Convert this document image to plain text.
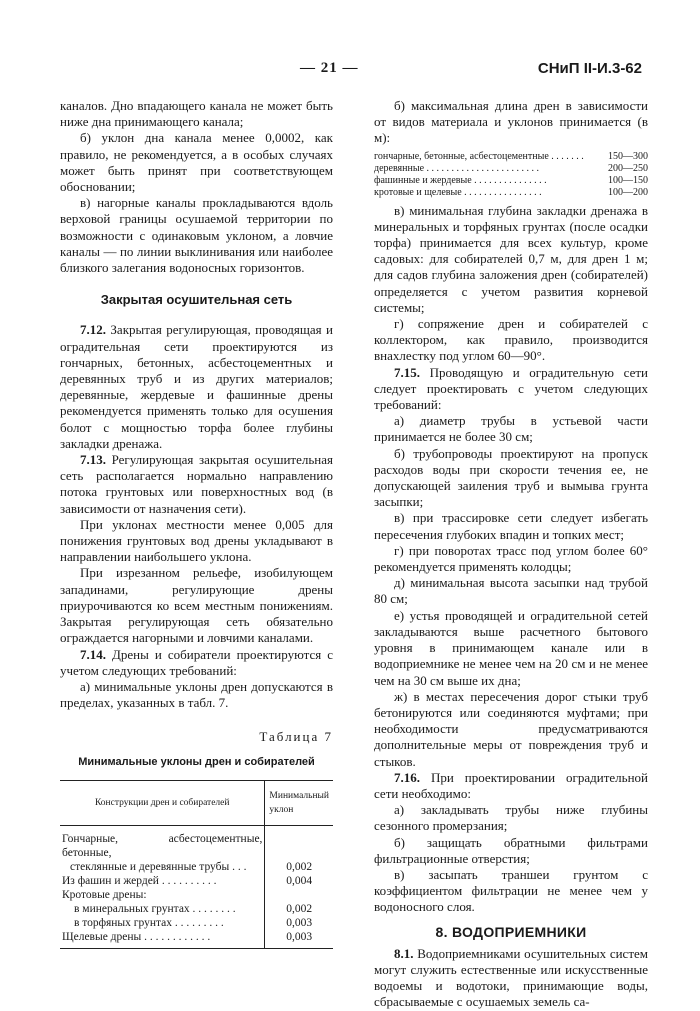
— 21 —	СНиП II-И.3-62

каналов. Дно впадающего канала не может быть ниже дна принимающего канала;

б) уклон дна канала менее 0,0002, как правило, не рекомендуется, а в особых случаях может быть принят при соответствующем обосновании;

в) нагорные каналы прокладываются вдоль верховой границы осушаемой территории по возможности с одинаковым уклоном, а ловчие каналы — по линии выклинивания или наиболее близкого залегания водоносных горизонтов.

Закрытая осушительная сеть

7.12. Закрытая регулирующая, проводящая и оградительная сети проектируются из гончарных, бетонных, асбестоцементных и деревянных труб и из других материалов; деревянные, жердевые и фашинные дрены рекомендуется применять только для осушения болот с мощностью торфа более глубины закладки дренажа.

7.13. Регулирующая закрытая осушительная сеть располагается нормально направлению потока грунтовых или поверхностных вод (в зависимости от назначения сети).

При уклонах местности менее 0,005 для понижения грунтовых вод дрены укладывают в направлении наибольшего уклона.

При изрезанном рельефе, изобилующем западинами, регулирующие дрены приурочиваются ко всем местным понижениям. Закрытая регулирующая сеть обязательно ограждается нагорными и ловчими каналами.

7.14. Дрены и собиратели проектируются с учетом следующих требований:

а) минимальные уклоны дрен допускаются в пределах, указанных в табл. 7.

Таблица 7
Минимальные уклоны дрен и собирателей
Конструкции дрен и собирателей	Минимальный уклон
Гончарные, асбестоцементные, бетонные,	
стеклянные и деревянные трубы . . .	0,002
Из фашин и жердей . . . . . . . . . .	0,004
Кротовые дрены:	
в минеральных грунтах . . . . . . . .	0,002
в торфяных грунтах . . . . . . . . .	0,003
Щелевые дрены . . . . . . . . . . . .	0,003

б) максимальная длина дрен в зависимости от видов материала и уклонов принимается (в м):

гончарные, бетонные, асбестоцементные . . . . . . .	150—300
деревянные . . . . . . . . . . . . . . . . . . . . . . .	200—250
фашинные и жердевые . . . . . . . . . . . . . . .	100—150
кротовые и щелевые . . . . . . . . . . . . . . . .	100—200

в) минимальная глубина закладки дренажа в минеральных и торфяных грунтах (после осадки торфа) принимается для всех культур, кроме садовых: для собирателей 0,7 м, для дрен 1 м; для садов глубина заложения дрен (собирателей) определяется с учетом развития корневой системы;

г) сопряжение дрен и собирателей с коллектором, как правило, производится внахлестку под углом 60—90°.

7.15. Проводящую и оградительную сети следует проектировать с учетом следующих требований:

а) диаметр трубы в устьевой части принимается не более 30 см;

б) трубопроводы проектируют на пропуск расходов воды при скорости течения ее, не допускающей заиления труб и вымыва грунта засыпки;

в) при трассировке сети следует избегать пересечения глубоких впадин и топких мест;

г) при поворотах трасс под углом более 60° рекомендуется применять колодцы;

д) минимальная высота засыпки над трубой 80 см;

е) устья проводящей и оградительной сетей закладываются выше расчетного бытового уровня в принимающем канале или в водоприемнике не менее чем на 20 см и не менее чем на 30 см выше их дна;

ж) в местах пересечения дорог стыки труб бетонируются или соединяются муфтами; при необходимости предусматриваются дополнительные меры от повреждения труб и стыков.

7.16. При проектировании оградительной сети необходимо:

а) закладывать трубы ниже глубины сезонного промерзания;

б) защищать обратными фильтрами фильтрационные отверстия;

в) засыпать траншеи грунтом с коэффициентом фильтрации не менее чем у водоносного слоя.

8. ВОДОПРИЕМНИКИ

8.1. Водоприемниками осушительных систем могут служить естественные или искусственные водоемы и водотоки, принимающие воды, сбрасываемые с осушаемых земель са-
